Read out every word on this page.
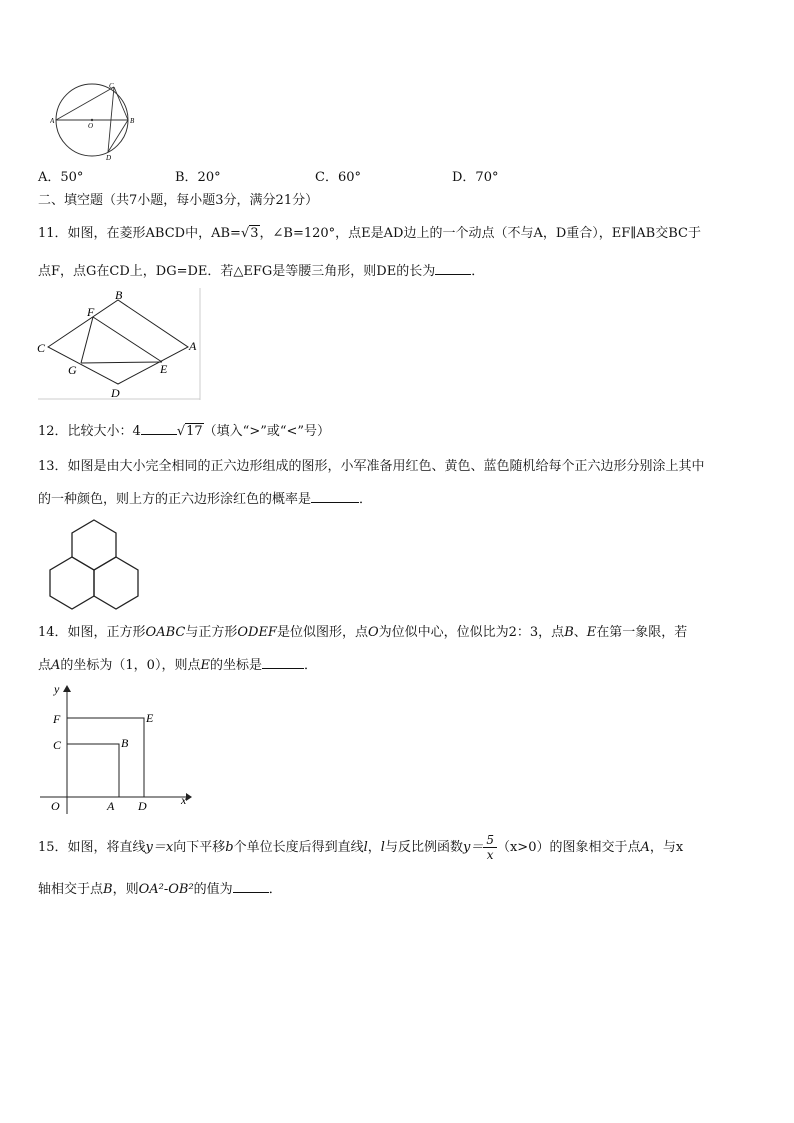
C
A
O
B
D
A．50°	B．20°	C．60°	D．70°
二、填空题（共7小题，每小题3分，满分21分）
11．如图，在菱形ABCD中，AB=√3，∠B=120°，点E是AD边上的一个动点（不与A，D重合），EF∥AB交BC于
点F，点G在CD上，DG=DE．若△EFG是等腰三角形，则DE的长为	．
B
F
C	A
G	E
D
12．比较大小：4	√17（填入“>”或“<”号）
13．如图是由大小完全相同的正六边形组成的图形，小军准备用红色、黄色、蓝色随机给每个正六边形分别涂上其中
的一种颜色，则上方的正六边形涂红色的概率是	．
14．如图，正方形OABC与正方形ODEF是位似图形，点O为位似中心，位似比为2：3，点B、E在第一象限，若
点A的坐标为（1，0），则点E的坐标是	．
y
x
F	E
C	B
O	A D
15．如图，将直线y＝x向下平移b个单位长度后得到直线l，l与反比例函数$y= \frac{5}{x} (x>0)$的图象相交于点A，与x
轴相交于点B，则OA²-OB²的值为	．
